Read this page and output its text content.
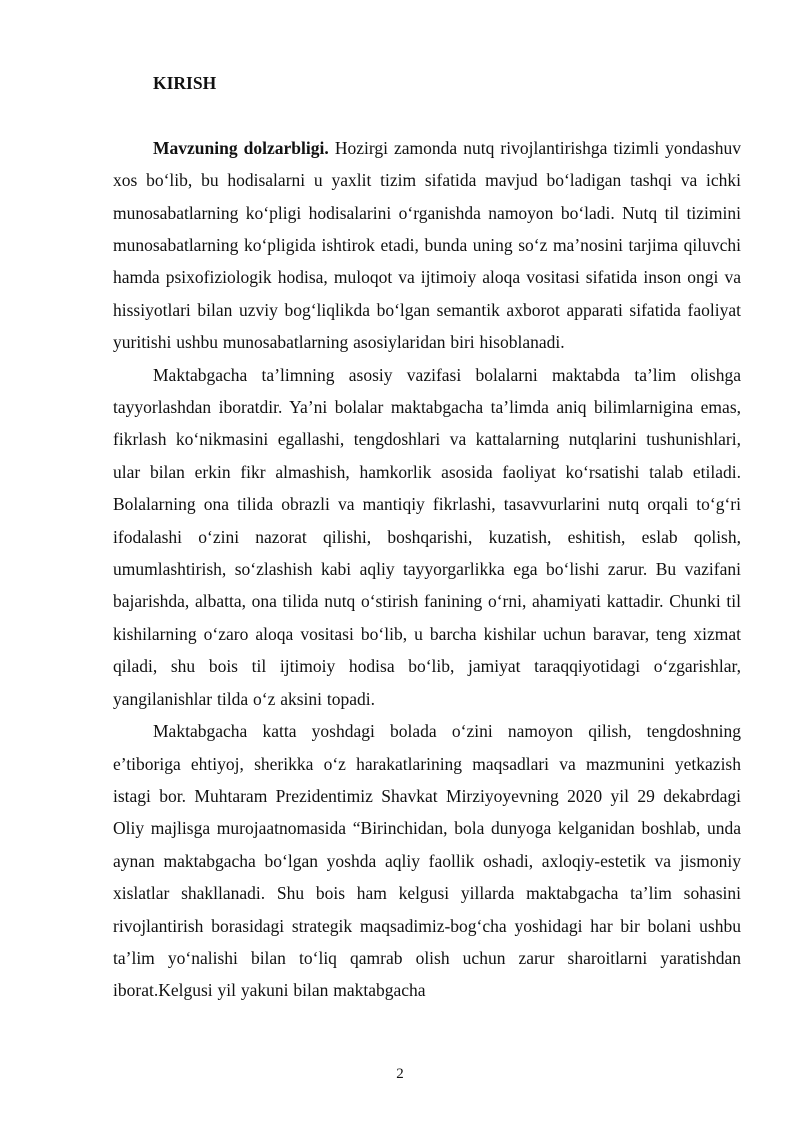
KIRISH

Mavzuning dolzarbligi. Hozirgi zamonda nutq rivojlantirishga tizimli yondashuv xos bo‘lib, bu hodisalarni u yaxlit tizim sifatida mavjud bo‘ladigan tashqi va ichki munosabatlarning ko‘pligi hodisalarini o‘rganishda namoyon bo‘ladi. Nutq til tizimini munosabatlarning ko‘pligida ishtirok etadi, bunda uning so‘z ma’nosini tarjima qiluvchi hamda psixofiziologik hodisa, muloqot va ijtimoiy aloqa vositasi sifatida inson ongi va hissiyotlari bilan uzviy bog‘liqlikda bo‘lgan semantik axborot apparati sifatida faoliyat yuritishi ushbu munosabatlarning asosiylaridan biri hisoblanadi.

Maktabgacha ta’limning asosiy vazifasi bolalarni maktabda ta’lim olishga tayyorlashdan iboratdir. Ya’ni bolalar maktabgacha ta’limda aniq bilimlarnigina emas, fikrlash ko‘nikmasini egallashi, tengdoshlari va kattalarning nutqlarini tushunishlari, ular bilan erkin fikr almashish, hamkorlik asosida faoliyat ko‘rsatishi talab etiladi. Bolalarning ona tilida obrazli va mantiqiy fikrlashi, tasavvurlarini nutq orqali to‘g‘ri ifodalashi o‘zini nazorat qilishi, boshqarishi, kuzatish, eshitish, eslab qolish, umumlashtirish, so‘zlashish kabi aqliy tayyorgarlikka ega bo‘lishi zarur. Bu vazifani bajarishda, albatta, ona tilida nutq o‘stirish fanining o‘rni, ahamiyati kattadir. Chunki til kishilarning o‘zaro aloqa vositasi bo‘lib, u barcha kishilar uchun baravar, teng xizmat qiladi, shu bois til ijtimoiy hodisa bo‘lib, jamiyat taraqqiyotidagi o‘zgarishlar, yangilanishlar tilda o‘z aksini topadi.

Maktabgacha katta yoshdagi bolada o‘zini namoyon qilish, tengdoshning e’tiboriga ehtiyoj, sherikka o‘z harakatlarining maqsadlari va mazmunini yetkazish istagi bor. Muhtaram Prezidentimiz Shavkat Mirziyoyevning 2020 yil 29 dekabrdagi Oliy majlisga murojaatnomasida “Birinchidan, bola dunyoga kelganidan boshlab, unda aynan maktabgacha bo‘lgan yoshda aqliy faollik oshadi, axloqiy-estetik va jismoniy xislatlar shakllanadi. Shu bois ham kelgusi yillarda maktabgacha ta’lim sohasini rivojlantirish borasidagi strategik maqsadimiz-bog‘cha yoshidagi har bir bolani ushbu ta’lim yo‘nalishi bilan to‘liq qamrab olish uchun zarur sharoitlarni yaratishdan iborat.Kelgusi yil yakuni bilan maktabgacha

2
